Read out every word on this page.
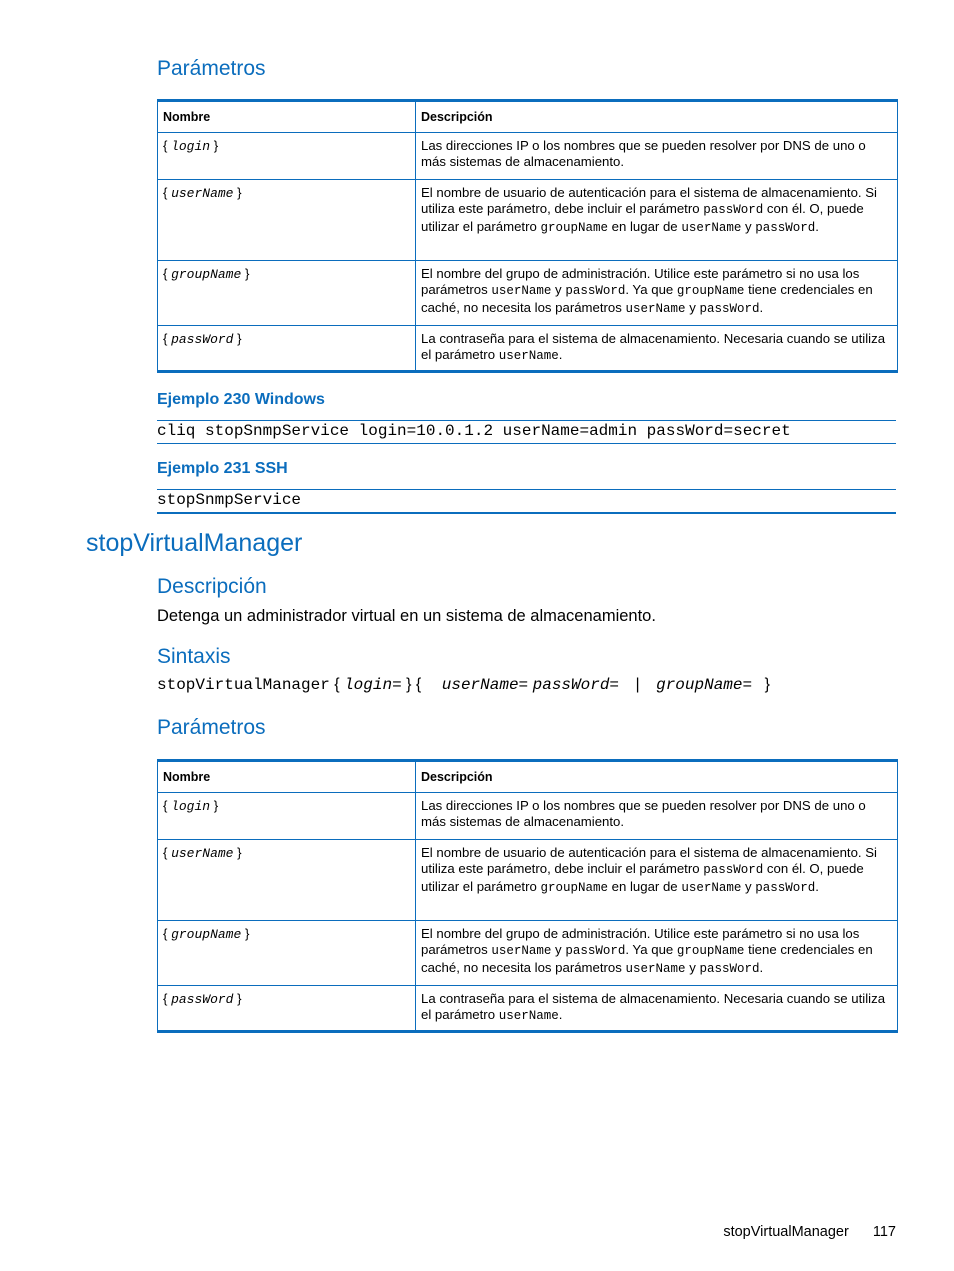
Parámetros
Nombre	Descripción
{ login }	Las direcciones IP o los nombres que se pueden resolver por DNS de uno o más sistemas de almacenamiento.
{ userName }	El nombre de usuario de autenticación para el sistema de almacenamiento. Si utiliza este parámetro, debe incluir el parámetro passWord con él. O, puede utilizar el parámetro groupName en lugar de userName y passWord.
{ groupName }	El nombre del grupo de administración. Utilice este parámetro si no usa los parámetros userName y passWord. Ya que groupName tiene credenciales en caché, no necesita los parámetros userName y passWord.
{ passWord }	La contraseña para el sistema de almacenamiento. Necesaria cuando se utiliza el parámetro userName.
Ejemplo 230 Windows
cliq stopSnmpService login=10.0.1.2 userName=admin passWord=secret
Ejemplo 231 SSH
stopSnmpService
stopVirtualManager
Descripción
Detenga un administrador virtual en un sistema de almacenamiento.
Sintaxis
stopVirtualManager { login= } { userName= passWord= | groupName= }
Parámetros
Nombre	Descripción
{ login }	Las direcciones IP o los nombres que se pueden resolver por DNS de uno o más sistemas de almacenamiento.
{ userName }	El nombre de usuario de autenticación para el sistema de almacenamiento. Si utiliza este parámetro, debe incluir el parámetro passWord con él. O, puede utilizar el parámetro groupName en lugar de userName y passWord.
{ groupName }	El nombre del grupo de administración. Utilice este parámetro si no usa los parámetros userName y passWord. Ya que groupName tiene credenciales en caché, no necesita los parámetros userName y passWord.
{ passWord }	La contraseña para el sistema de almacenamiento. Necesaria cuando se utiliza el parámetro userName.
stopVirtualManager 117
